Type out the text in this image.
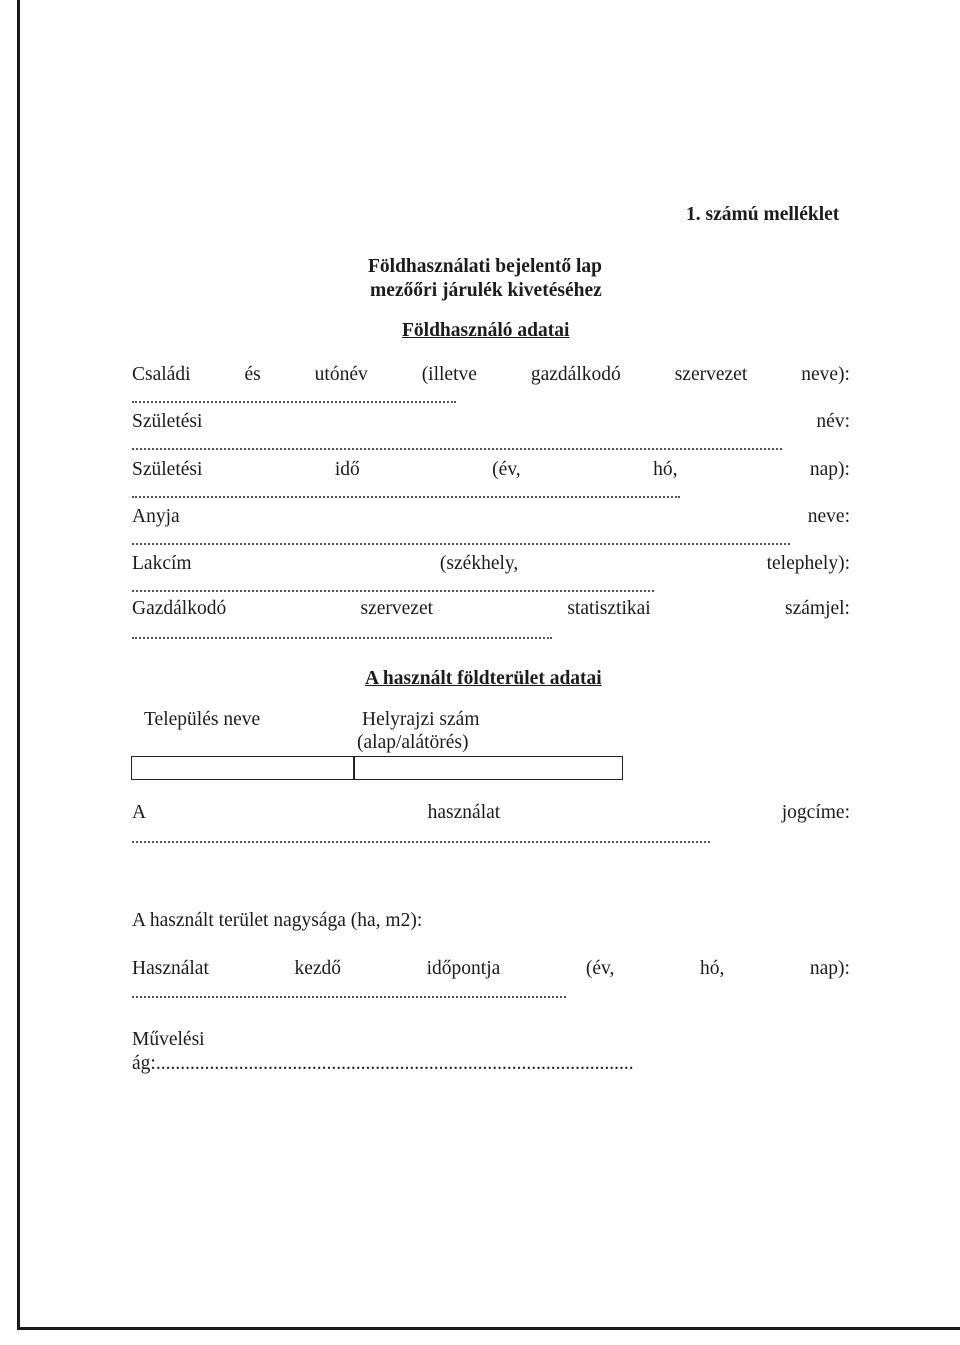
1. számú melléklet
Földhasználati bejelentő lap
mezőőri járulék kivetéséhez
Földhasználó adatai
Családi	és	utónév	(illetve	gazdálkodó	szervezet	neve):
Születési	név:
Születési	idő	(év,	hó,	nap):
Anyja	neve:
Lakcím	(székhely,	telephely):
Gazdálkodó	szervezet	statisztikai	számjel:
A használt földterület adatai
Település neve	Helyrajzi szám
(alap/alátörés)
A	használat	jogcíme:
A használt terület nagysága (ha, m2):
Használat	kezdő	időpontja	(év,	hó,	nap):
Művelési
ág:..................................................................................................
